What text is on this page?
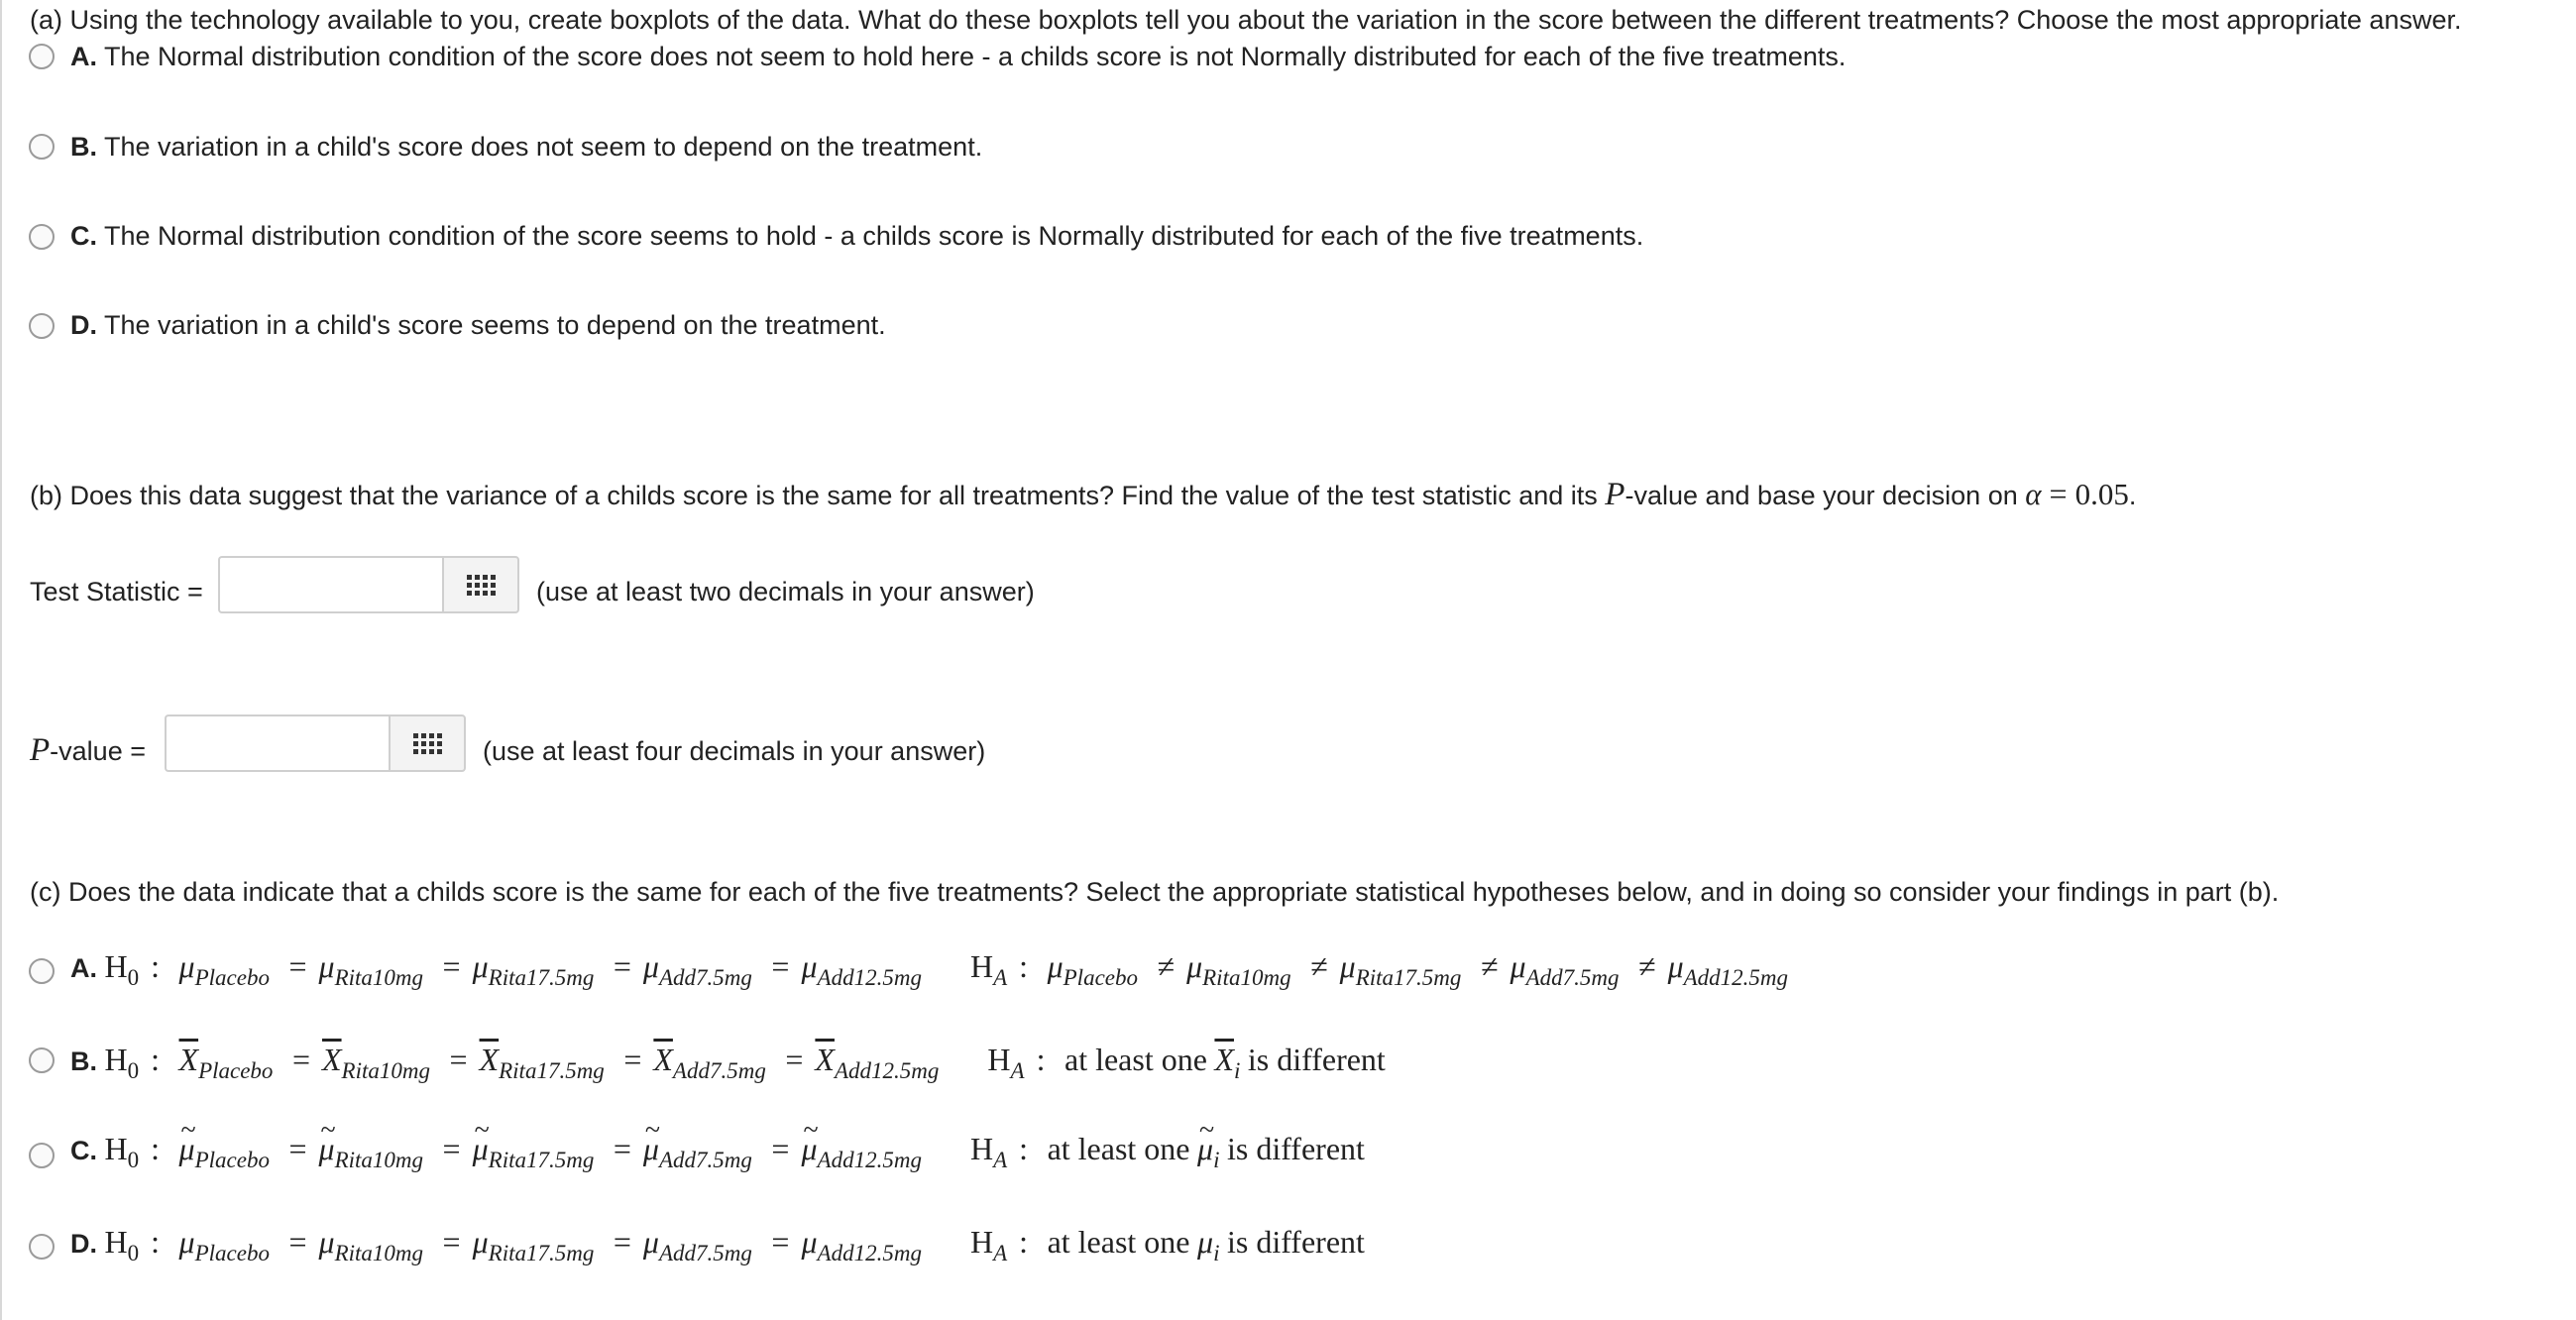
(a) Using the technology available to you, create boxplots of the data. What do these boxplots tell you about the variation in the score between the different treatments? Choose the most appropriate answer.
A. The Normal distribution condition of the score does not seem to hold here - a childs score is not Normally distributed for each of the five treatments.
B. The variation in a child's score does not seem to depend on the treatment.
C. The Normal distribution condition of the score seems to hold - a childs score is Normally distributed for each of the five treatments.
D. The variation in a child's score seems to depend on the treatment.
(b) Does this data suggest that the variance of a childs score is the same for all treatments? Find the value of the test statistic and its P-value and base your decision on α = 0.05.
Test Statistic =	(use at least two decimals in your answer)
P-value =	(use at least four decimals in your answer)
(c) Does the data indicate that a childs score is the same for each of the five treatments? Select the appropriate statistical hypotheses below, and in doing so consider your findings in part (b).
A. H0 : μPlacebo = μRita10mg = μRita17.5mg = μAdd7.5mg = μAdd12.5mg HA : μPlacebo ≠ μRita10mg ≠ μRita17.5mg ≠ μAdd7.5mg ≠ μAdd12.5mg
B. H0 : $\overline{X}Placebo$ = $\overline{X}Rita10mg$ = $\overline{X}Rita17.5mg = \overline{X}Add7.5mg = \overline{X}Add12.5mg$ HA : at least one $\overline{X}i$ is different
C. H0 : ~ μPlacebo = ~ μRita10mg = ~ μRita17.5mg = ~ μAdd7.5mg = ~ μAdd12.5mg HA : at least one ~ μi is different
D. H0 : μPlacebo = μRita10mg = μRita17.5mg = μAdd7.5mg = μAdd12.5mg HA : at least one μi is different
